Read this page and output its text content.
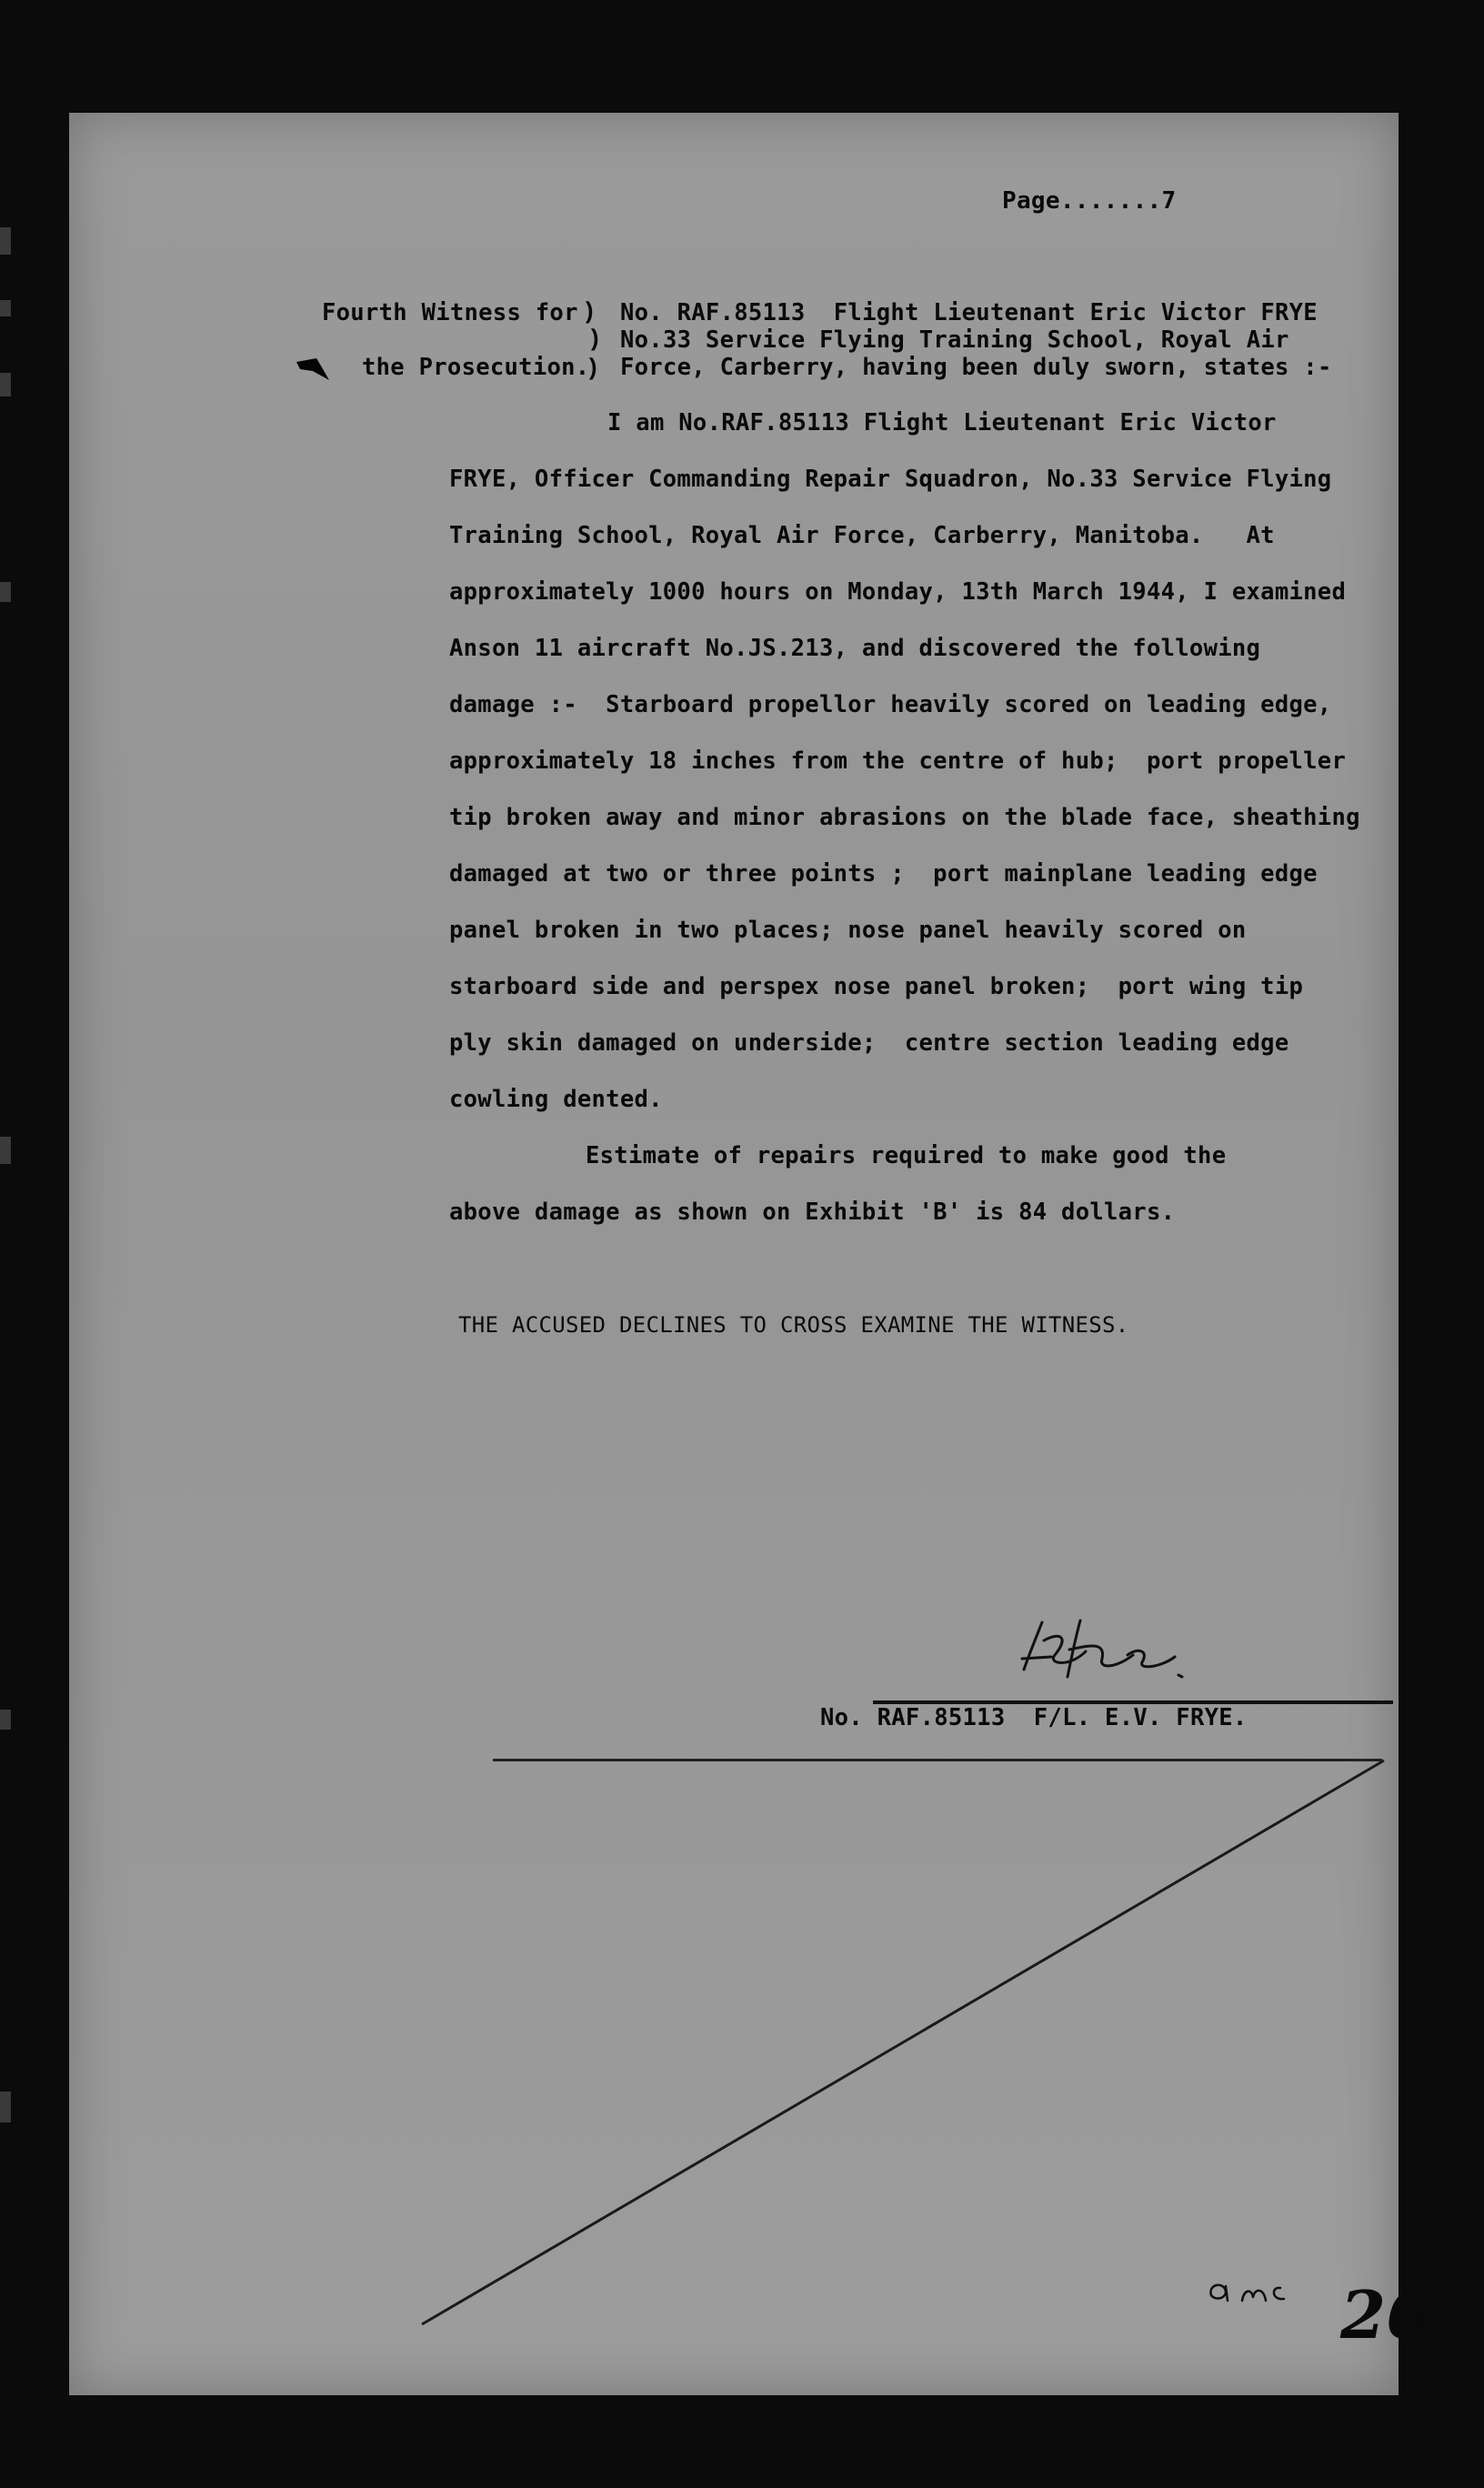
Page.......7

Fourth Witness for

the Prosecution.

)
)
)

No. RAF.85113  Flight Lieutenant Eric Victor FRYE

No.33 Service Flying Training School, Royal Air

Force, Carberry, having been duly sworn, states :-

I am No.RAF.85113 Flight Lieutenant Eric Victor

FRYE, Officer Commanding Repair Squadron, No.33 Service Flying

Training School, Royal Air Force, Carberry, Manitoba.   At

approximately 1000 hours on Monday, 13th March 1944, I examined

Anson 11 aircraft No.JS.213, and discovered the following

damage :-  Starboard propellor heavily scored on leading edge,

approximately 18 inches from the centre of hub;  port propeller

tip broken away and minor abrasions on the blade face, sheathing

damaged at two or three points ;  port mainplane leading edge

panel broken in two places; nose panel heavily scored on

starboard side and perspex nose panel broken;  port wing tip

ply skin damaged on underside;  centre section leading edge

cowling dented.

Estimate of repairs required to make good the

above damage as shown on Exhibit 'B' is 84 dollars.

THE ACCUSED DECLINES TO CROSS EXAMINE THE WITNESS.

No. RAF.85113  F/L. E.V. FRYE.

26
